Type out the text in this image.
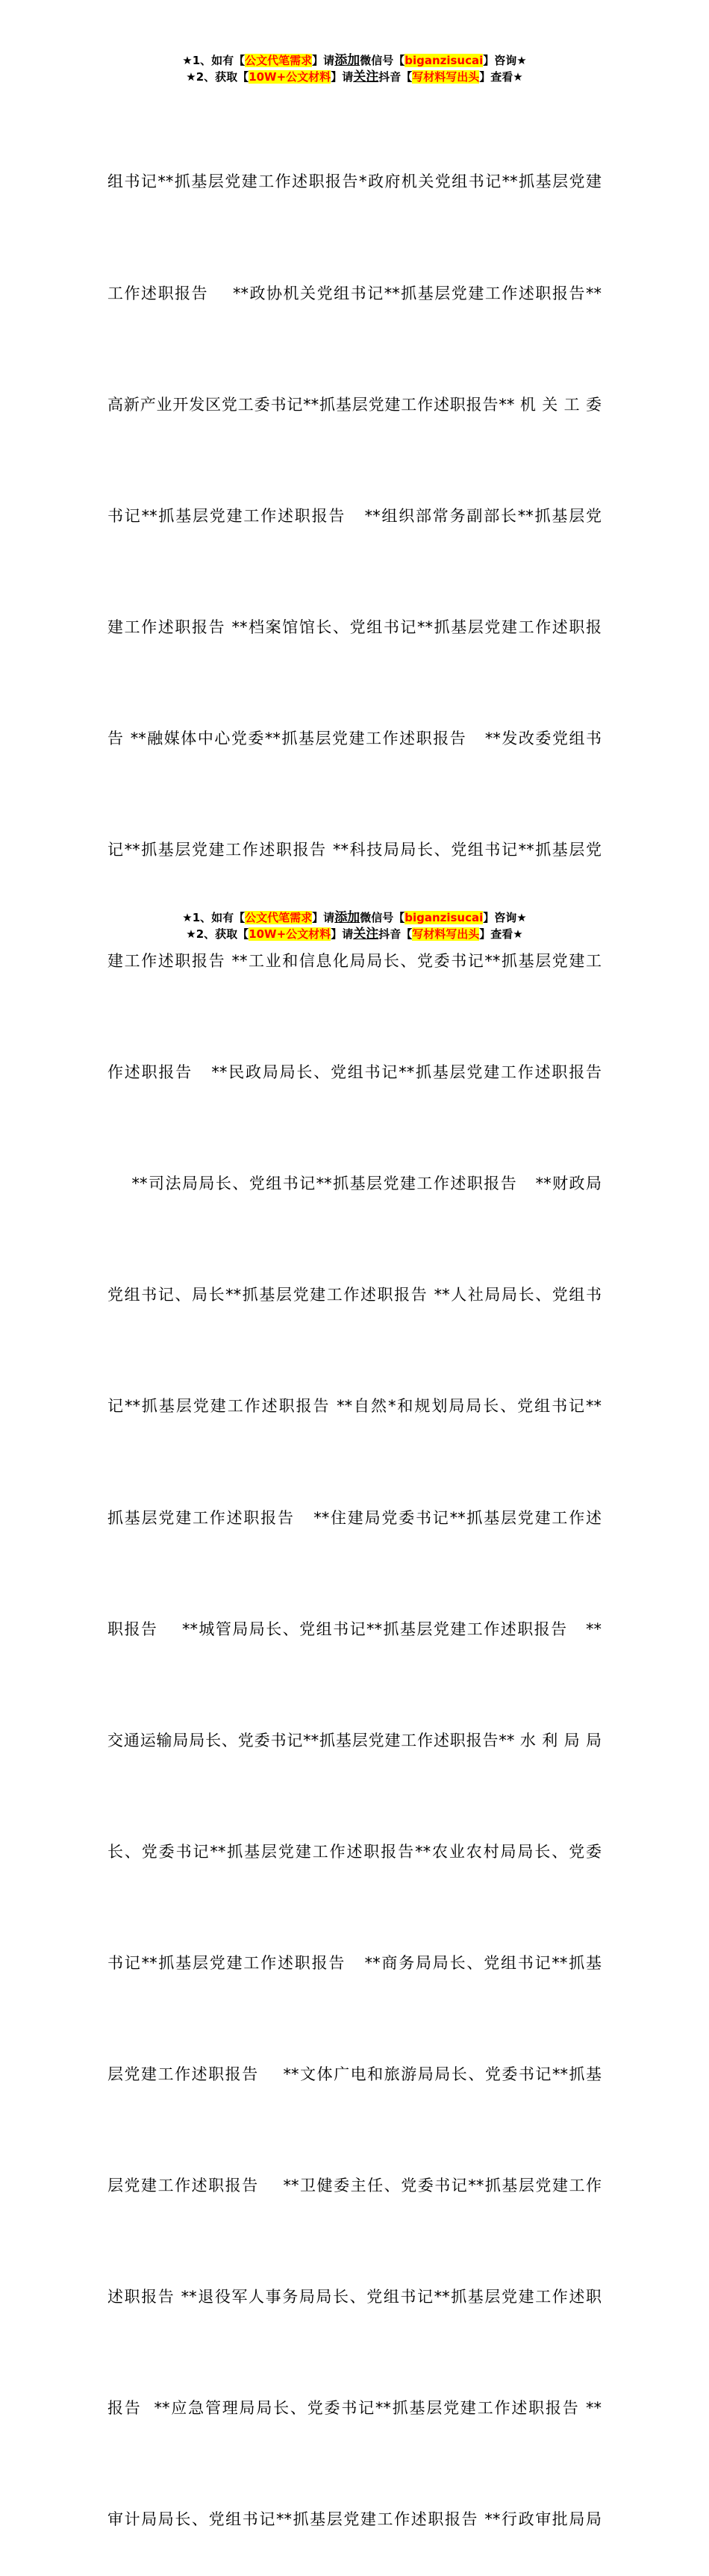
★1、如有【公文代笔需求】请添加微信号【biganzisucai】咨询★
★2、获取【10W+公文材料】请关注抖音【写材料写出头】查看★

组书记**抓基层党建工作述职报告*政府机关党组书记**抓基层党建

工作述职报告    **政协机关党组书记**抓基层党建工作述职报告**

高新产业开发区党工委书记**抓基层党建工作述职报告** 机 关 工 委

书记**抓基层党建工作述职报告   **组织部常务副部长**抓基层党

建工作述职报告 **档案馆馆长、党组书记**抓基层党建工作述职报

告 **融媒体中心党委**抓基层党建工作述职报告   **发改委党组书

记**抓基层党建工作述职报告 **科技局局长、党组书记**抓基层党

建工作述职报告 **工业和信息化局局长、党委书记**抓基层党建工

作述职报告   **民政局局长、党组书记**抓基层党建工作述职报告

**司法局局长、党组书记**抓基层党建工作述职报告   **财政局

党组书记、局长**抓基层党建工作述职报告 **人社局局长、党组书

记**抓基层党建工作述职报告 **自然*和规划局局长、党组书记**

抓基层党建工作述职报告   **住建局党委书记**抓基层党建工作述

职报告    **城管局局长、党组书记**抓基层党建工作述职报告   **

交通运输局局长、党委书记**抓基层党建工作述职报告** 水 利 局 局

长、党委书记**抓基层党建工作述职报告**农业农村局局长、党委

书记**抓基层党建工作述职报告   **商务局局长、党组书记**抓基

层党建工作述职报告    **文体广电和旅游局局长、党委书记**抓基

层党建工作述职报告    **卫健委主任、党委书记**抓基层党建工作

述职报告 **退役军人事务局局长、党组书记**抓基层党建工作述职

报告  **应急管理局局长、党委书记**抓基层党建工作述职报告 **

审计局局长、党组书记**抓基层党建工作述职报告 **行政审批局局

★1、如有【公文代笔需求】请添加微信号【biganzisucai】咨询★
★2、获取【10W+公文材料】请关注抖音【写材料写出头】查看★
